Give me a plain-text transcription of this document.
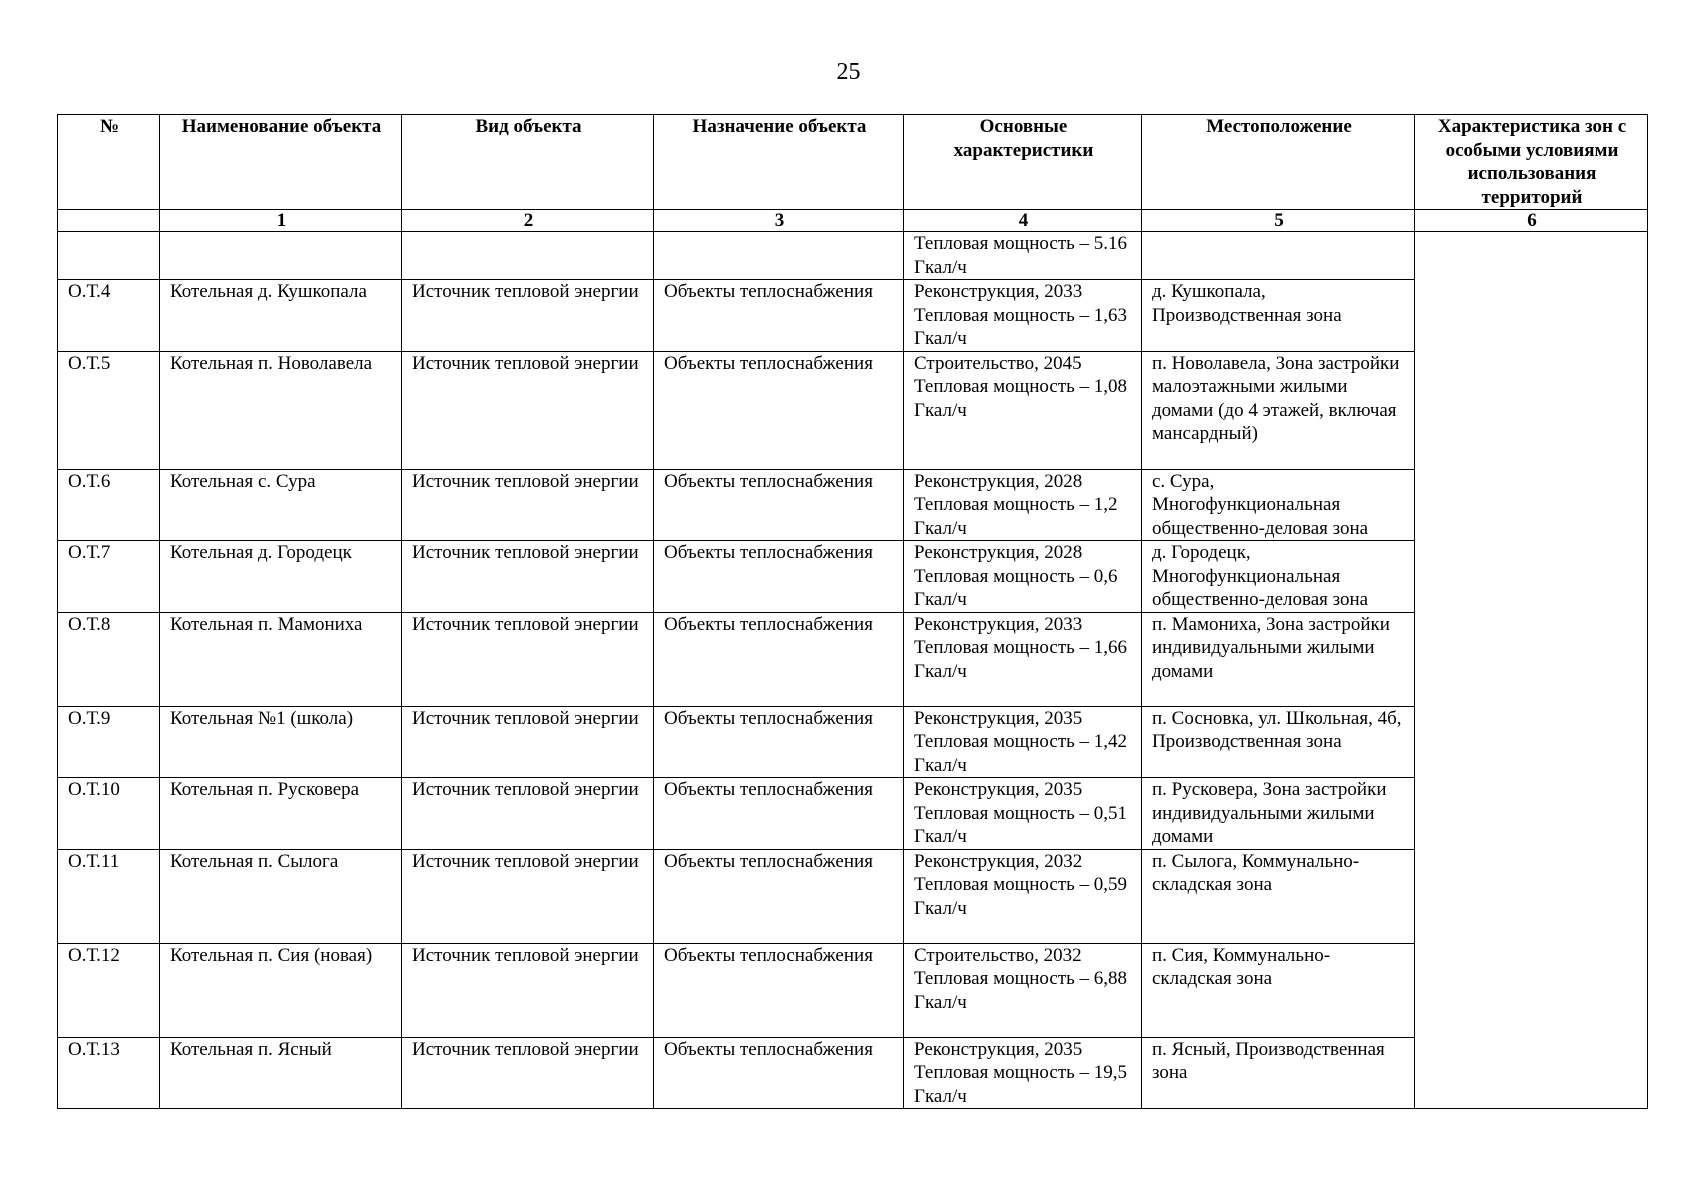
25
№	Наименование объекта	Вид объекта	Назначение объекта	Основные характеристики	Местоположение	Характеристика зон с особыми условиями использования территорий
	1	2	3	4	5	6
				Тепловая мощность – 5.16 Гкал/ч		
О.Т.4	Котельная д. Кушкопала	Источник тепловой энергии	Объекты теплоснабжения	Реконструкция, 2033 Тепловая мощность – 1,63 Гкал/ч	д. Кушкопала, Производственная зона	
О.Т.5	Котельная п. Новолавела	Источник тепловой энергии	Объекты теплоснабжения	Строительство, 2045 Тепловая мощность – 1,08 Гкал/ч	п. Новолавела, Зона застройки малоэтажными жилыми домами (до 4 этажей, включая мансардный)	
О.Т.6	Котельная с. Сура	Источник тепловой энергии	Объекты теплоснабжения	Реконструкция, 2028 Тепловая мощность – 1,2 Гкал/ч	с. Сура, Многофункциональная общественно-деловая зона	
О.Т.7	Котельная д. Городецк	Источник тепловой энергии	Объекты теплоснабжения	Реконструкция, 2028 Тепловая мощность – 0,6 Гкал/ч	д. Городецк, Многофункциональная общественно-деловая зона	
О.Т.8	Котельная п. Мамониха	Источник тепловой энергии	Объекты теплоснабжения	Реконструкция, 2033 Тепловая мощность – 1,66 Гкал/ч	п. Мамониха, Зона застройки индивидуальными жилыми домами	
О.Т.9	Котельная №1 (школа)	Источник тепловой энергии	Объекты теплоснабжения	Реконструкция, 2035 Тепловая мощность – 1,42 Гкал/ч	п. Сосновка, ул. Школьная, 4б, Производственная зона	
О.Т.10	Котельная п. Русковера	Источник тепловой энергии	Объекты теплоснабжения	Реконструкция, 2035 Тепловая мощность – 0,51 Гкал/ч	п. Русковера, Зона застройки индивидуальными жилыми домами	
О.Т.11	Котельная п. Сылога	Источник тепловой энергии	Объекты теплоснабжения	Реконструкция, 2032 Тепловая мощность – 0,59 Гкал/ч	п. Сылога, Коммунально-складская зона	
О.Т.12	Котельная п. Сия (новая)	Источник тепловой энергии	Объекты теплоснабжения	Строительство, 2032 Тепловая мощность – 6,88 Гкал/ч	п. Сия, Коммунально-складская зона	
О.Т.13	Котельная п. Ясный	Источник тепловой энергии	Объекты теплоснабжения	Реконструкция, 2035 Тепловая мощность – 19,5 Гкал/ч	п. Ясный, Производственная зона	
